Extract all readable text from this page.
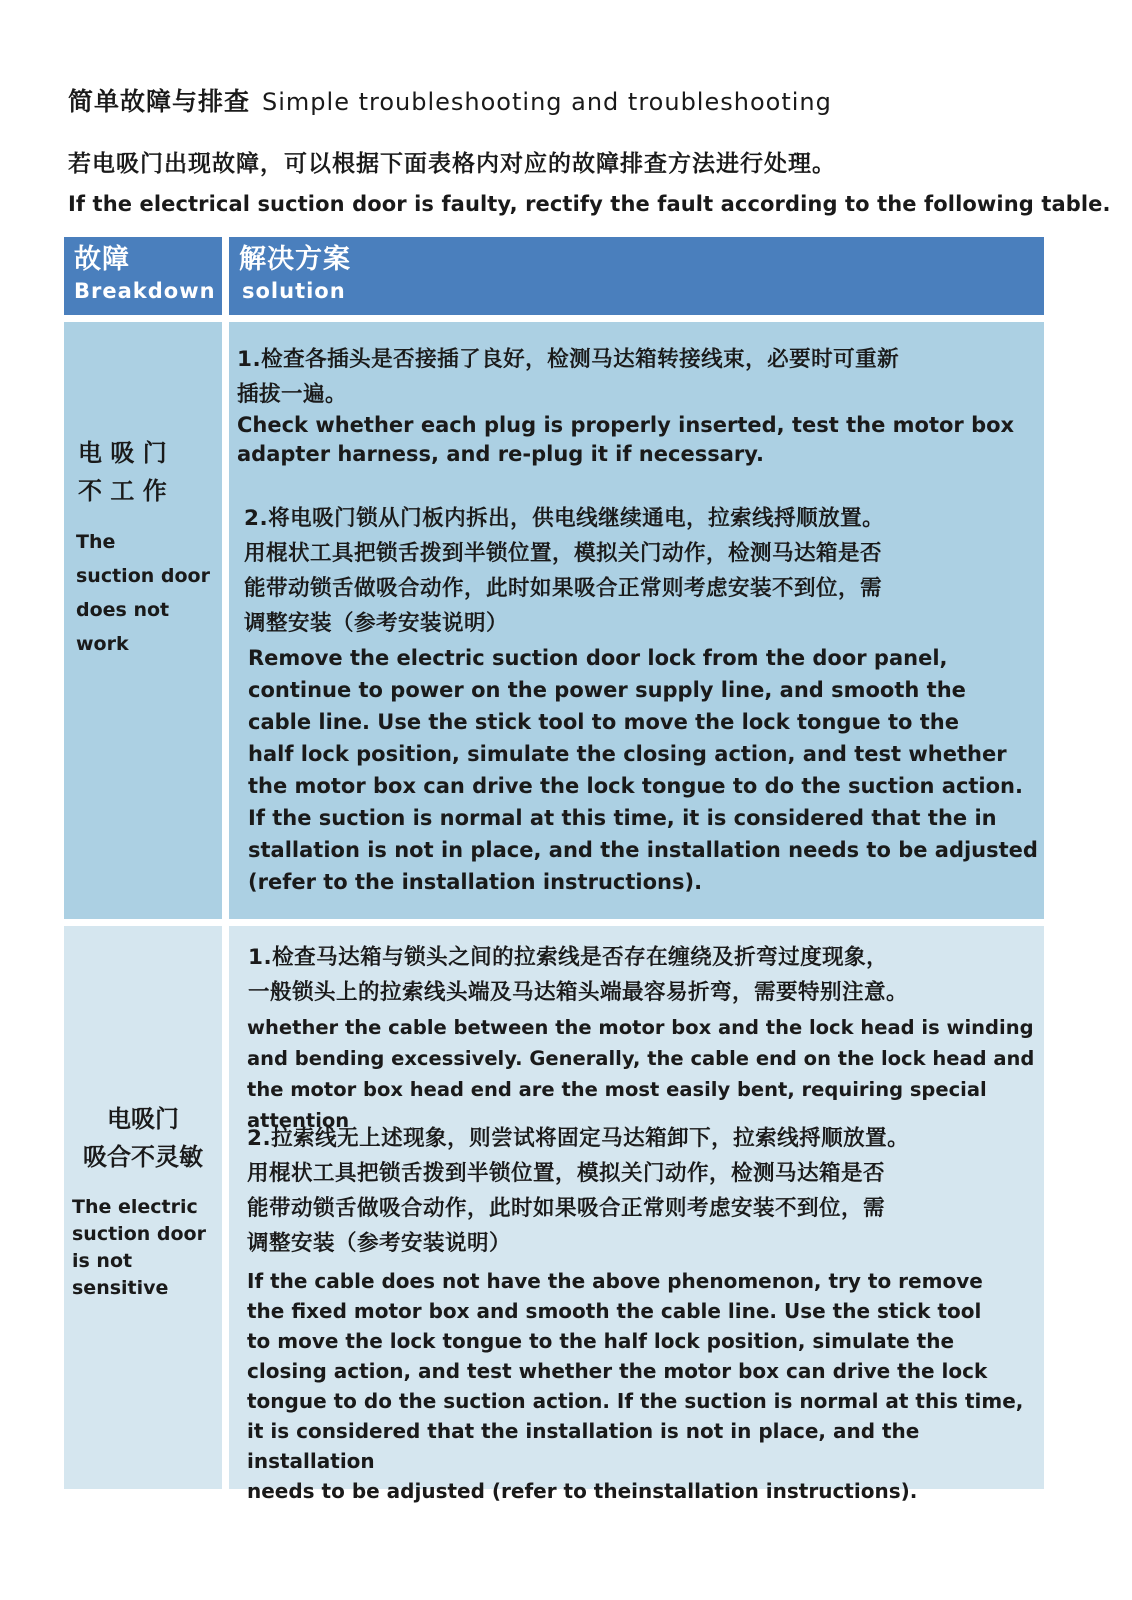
简单故障与排查 Simple troubleshooting and troubleshooting
若电吸门出现故障，可以根据下面表格内对应的故障排查方法进行处理。
If the electrical suction door is faulty, rectify the fault according to the following table.
故障
Breakdown
解决方案
solution
电 吸 门
不 工 作
The
suction door
does not work
1.检查各插头是否接插了良好，检测马达箱转接线束，必要时可重新
插拔一遍。
Check whether each plug is properly inserted, test the motor box
adapter harness, and re-plug it if necessary.
2.将电吸门锁从门板内拆出，供电线继续通电，拉索线捋顺放置。
用棍状工具把锁舌拨到半锁位置，模拟关门动作，检测马达箱是否
能带动锁舌做吸合动作，此时如果吸合正常则考虑安装不到位，需
调整安装（参考安装说明）
Remove the electric suction door lock from the door panel,
continue to power on the power supply line, and smooth the
cable line. Use the stick tool to move the lock tongue to the
half lock position, simulate the closing action, and test whether
the motor box can drive the lock tongue to do the suction action.
If the suction is normal at this time, it is considered that the in
stallation is not in place, and the installation needs to be adjusted
(refer to the installation instructions).
电吸门
吸合不灵敏
The electric
suction door
is not sensitive
1.检查马达箱与锁头之间的拉索线是否存在缠绕及折弯过度现象，
一般锁头上的拉索线头端及马达箱头端最容易折弯，需要特别注意。
whether the cable between the motor box and the lock head is winding
and bending excessively. Generally, the cable end on the lock head and
the motor box head end are the most easily bent, requiring special attention
2.拉索线无上述现象，则尝试将固定马达箱卸下，拉索线捋顺放置。
用棍状工具把锁舌拨到半锁位置，模拟关门动作，检测马达箱是否
能带动锁舌做吸合动作，此时如果吸合正常则考虑安装不到位，需
调整安装（参考安装说明）
If the cable does not have the above phenomenon, try to remove
the fixed motor box and smooth the cable line. Use the stick tool
to move the lock tongue to the half lock position, simulate the
closing action, and test whether the motor box can drive the lock
tongue to do the suction action. If the suction is normal at this time,
it is considered that the installation is not in place, and the installation
needs to be adjusted (refer to theinstallation instructions).
